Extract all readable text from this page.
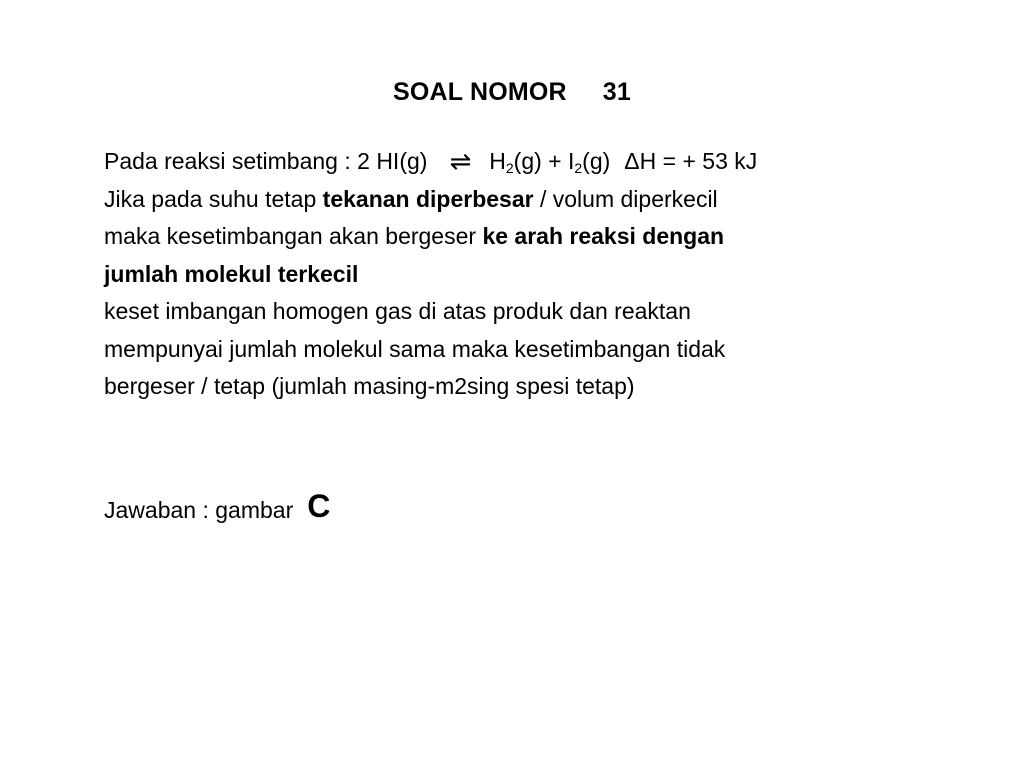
SOAL NOMOR 31
Pada reaksi setimbang : 2 HI(g) ⇌ $H_2(g) + I_2(g) \Delta H$ = + 53 kJ
Jika pada suhu tetap tekanan diperbesar / volum diperkecil
maka kesetimbangan akan bergeser ke arah reaksi dengan
jumlah molekul terkecil
keset imbangan homogen gas di atas produk dan reaktan
mempunyai jumlah molekul sama maka kesetimbangan tidak
bergeser / tetap (jumlah masing-m2sing spesi tetap)
Jawaban : gambar C
